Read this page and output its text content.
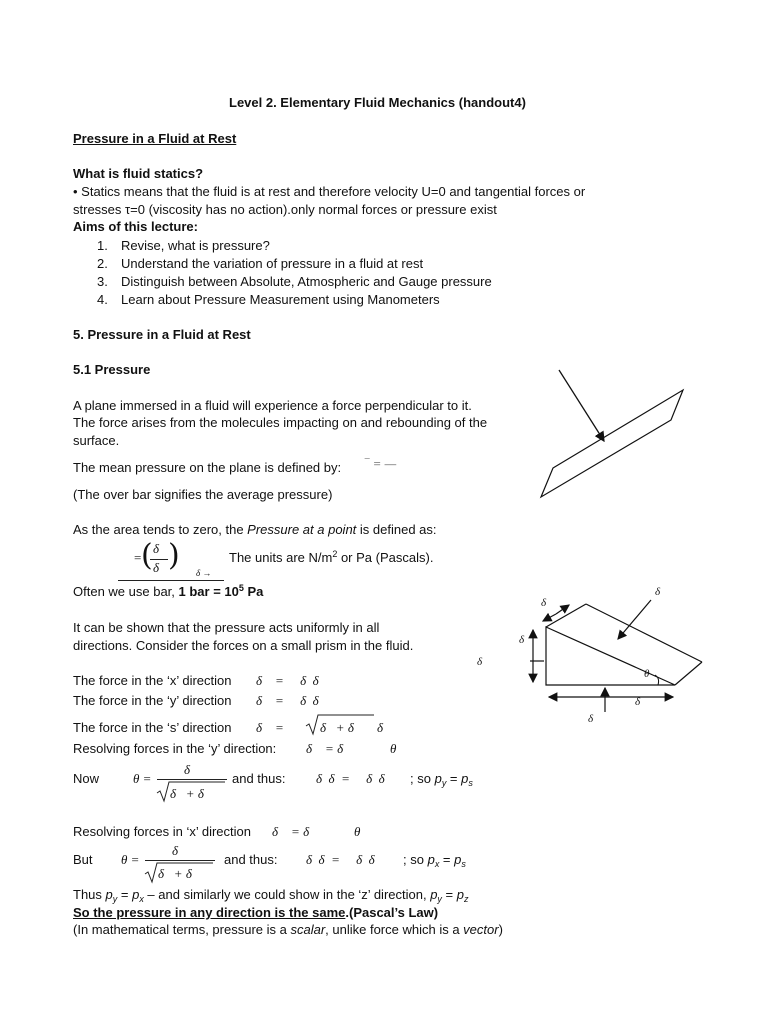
Level 2. Elementary Fluid Mechanics (handout4)
Pressure in a Fluid at Rest
What is fluid statics?
• Statics means that the fluid is at rest and therefore velocity U=0 and tangential forces or
stresses τ=0 (viscosity has no action).only normal forces or pressure exist
Aims of this lecture:
1. Revise, what is pressure?
2. Understand the variation of pressure in a fluid at rest
3. Distinguish between Absolute, Atmospheric and Gauge pressure
4. Learn about Pressure Measurement using Manometers
5. Pressure in a Fluid at Rest
5.1 Pressure
A plane immersed in a fluid will experience a force perpendicular to it.
The force arises from the molecules impacting on and rebounding of the
surface.
The mean pressure on the plane is defined by: ‾ = —
(The over bar signifies the average pressure)
As the area tends to zero, the Pressure at a point is defined as:
= ( δ
δ ) δ →
The units are $N/m^2$ or Pa (Pascals).
Often we use bar, 1 bar = $10^5$ Pa
It can be shown that the pressure acts uniformly in all
directions. Consider the forces on a small prism in the fluid.
The force in the ‘x’ direction δ    =     δ  δ
The force in the ‘y’ direction δ    =     δ  δ
The force in the ‘s’ direction δ    =	δ   + δ δ
Resolving forces in the ‘y’ direction: δ    = δ	θ
Now	θ =
δ
δ   + δ
and thus: δ  δ  =     δ  δ ; so $p_y = p_s$
Resolving forces in ‘x’ direction δ    = δ	θ
But θ =
δ
δ   + δ
and thus: δ  δ  =     δ  δ ; so $p_x = p_s$
Thus $p_y = p_x$ – and similarly we could show in the ‘z’ direction, $p_y = p_z$
So the pressure in any direction is the same.(Pascal’s Law)
(In mathematical terms, pressure is a scalar, unlike force which is a vector)
δ
δ
δ
δ
θ
δ
δ
